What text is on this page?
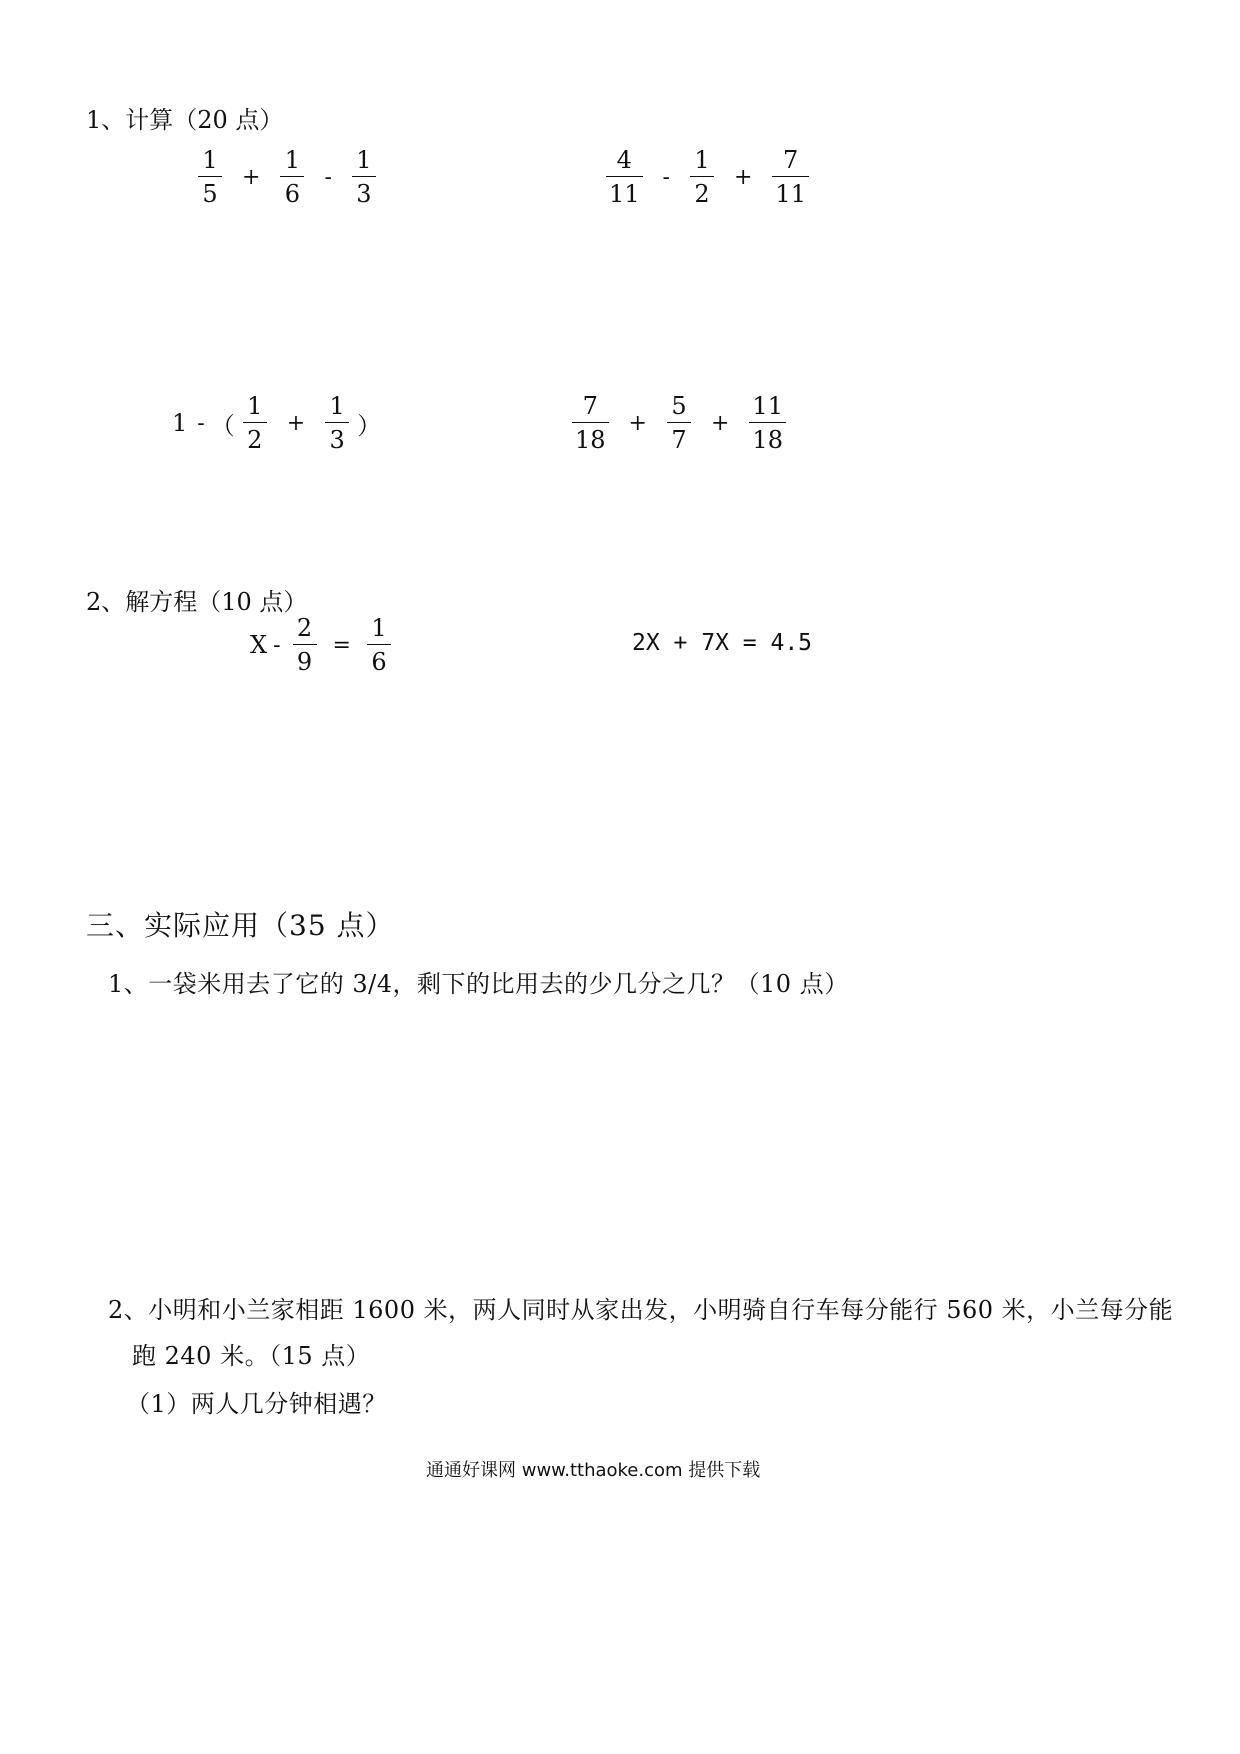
1、计算（20 点）
$\frac{1}{5} + \frac{1}{6} - \frac{1}{3}$	$\frac{4}{11} - \frac{1}{2} + \frac{7}{11}$
1 - （ $\frac{1}{2} + \frac{1}{3}$ ）	$\frac{7}{18} + \frac{5}{7} + \frac{11}{18}$
2、解方程（10 点）
$X - \frac{2}{9} = \frac{1}{6}$	2X + 7X = 4.5
三、实际应用（35 点）
1、一袋米用去了它的 3/4，剩下的比用去的少几分之几？（10 点）
2、小明和小兰家相距 1600 米，两人同时从家出发，小明骑自行车每分能行 560 米，小兰每分能
跑 240 米。（15 点）
（1）两人几分钟相遇？
通通好课网 www.tthaoke.com 提供下载
